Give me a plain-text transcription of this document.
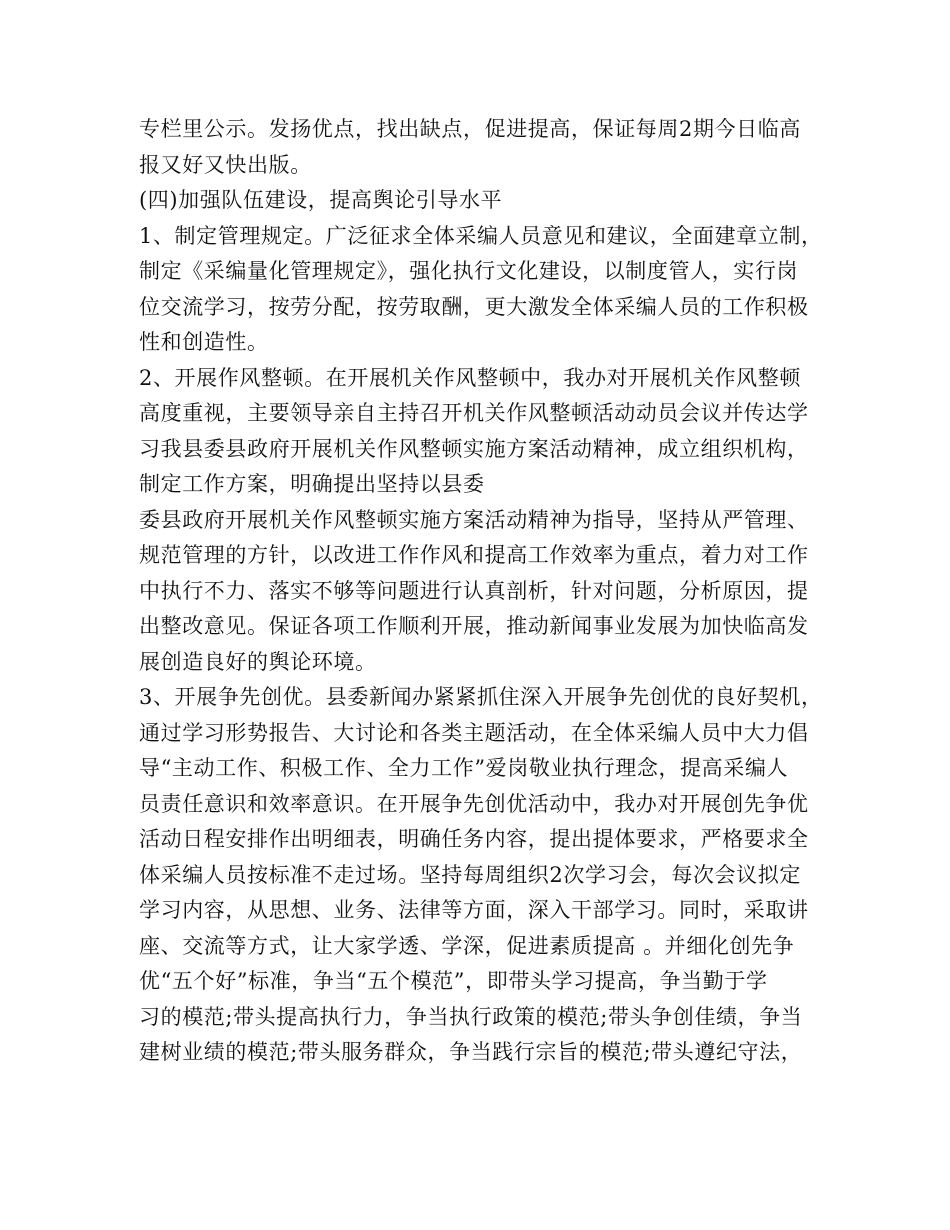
专栏里公示。发扬优点，找出缺点，促进提高，保证每周2期今日临高
报又好又快出版。
(四)加强队伍建设，提高舆论引导水平
1、制定管理规定。广泛征求全体采编人员意见和建议，全面建章立制，
制定《采编量化管理规定》，强化执行文化建设，以制度管人，实行岗
位交流学习，按劳分配，按劳取酬，更大激发全体采编人员的工作积极
性和创造性。
2、开展作风整顿。在开展机关作风整顿中，我办对开展机关作风整顿
高度重视，主要领导亲自主持召开机关作风整顿活动动员会议并传达学
习我县委县政府开展机关作风整顿实施方案活动精神，成立组织机构，
制定工作方案，明确提出坚持以县委
委县政府开展机关作风整顿实施方案活动精神为指导，坚持从严管理、
规范管理的方针，以改进工作作风和提高工作效率为重点，着力对工作
中执行不力、落实不够等问题进行认真剖析，针对问题，分析原因，提
出整改意见。保证各项工作顺利开展，推动新闻事业发展为加快临高发
展创造良好的舆论环境。
3、开展争先创优。县委新闻办紧紧抓住深入开展争先创优的良好契机，
通过学习形势报告、大讨论和各类主题活动，在全体采编人员中大力倡
导“主动工作、积极工作、全力工作”爱岗敬业执行理念，提高采编人
员责任意识和效率意识。在开展争先创优活动中，我办对开展创先争优
活动日程安排作出明细表，明确任务内容，提出提体要求，严格要求全
体采编人员按标准不走过场。坚持每周组织2次学习会，每次会议拟定
学习内容，从思想、业务、法律等方面，深入干部学习。同时，采取讲
座、交流等方式，让大家学透、学深，促进素质提高 。并细化创先争
优“五个好”标准，争当“五个模范”，即带头学习提高，争当勤于学
习的模范;带头提高执行力，争当执行政策的模范;带头争创佳绩，争当
建树业绩的模范;带头服务群众，争当践行宗旨的模范;带头遵纪守法，
